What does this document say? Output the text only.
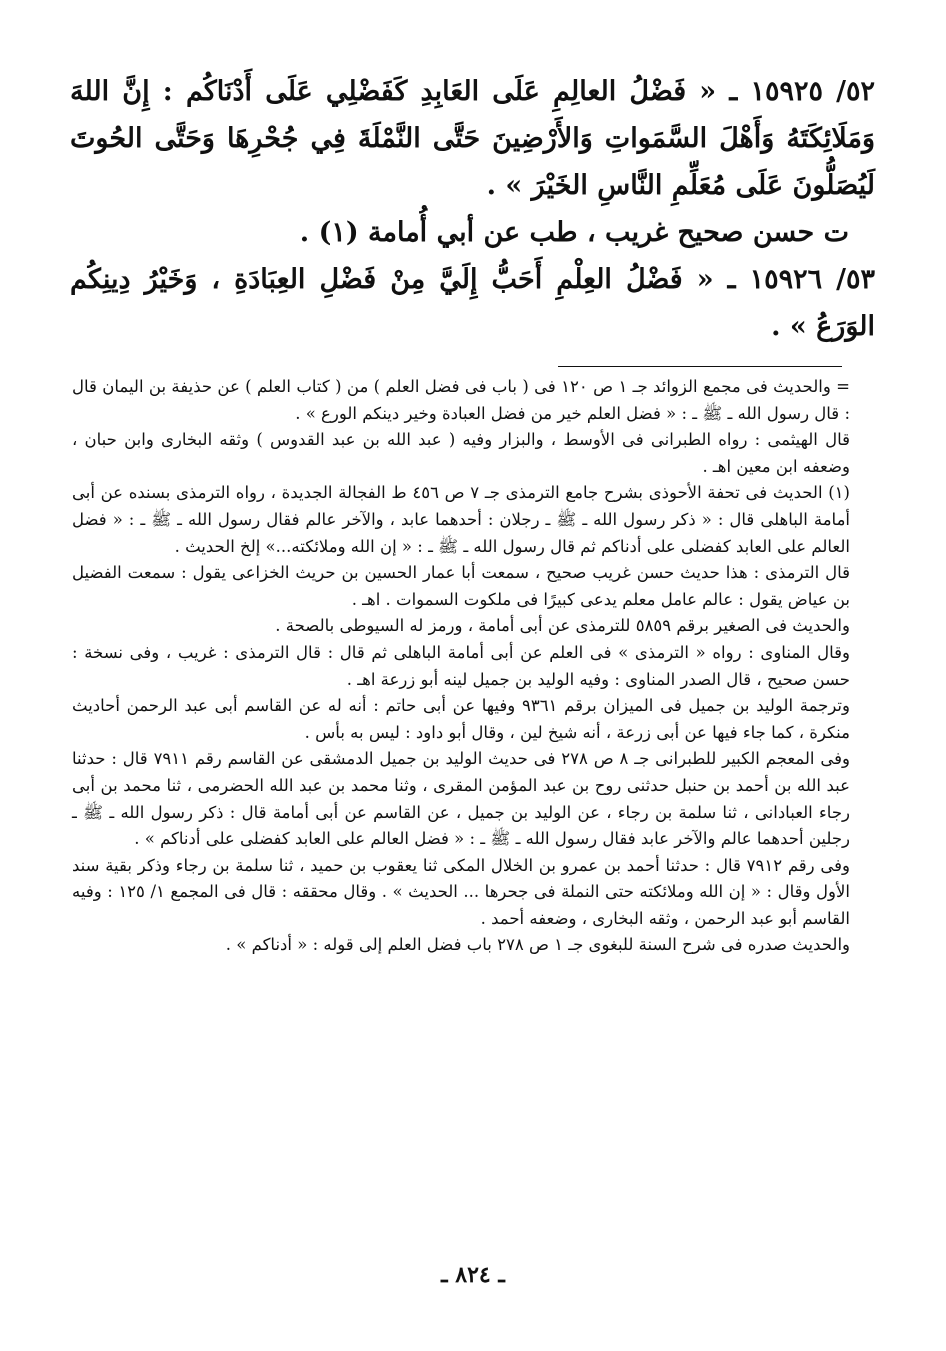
٥٢/ ١٥٩٢٥ ـ « فَضْلُ العالِمِ عَلَى العَابِدِ كَفَضْلِي عَلَى أَدْنَاكُم : إِنَّ اللهَ وَمَلَائِكَتَهُ وَأَهْلَ السَّمَواتِ وَالأَرْضِينَ حَتَّى النَّمْلَةَ فِي جُحْرِهَا وَحَتَّى الحُوتَ لَيُصَلُّونَ عَلَى مُعَلِّمِ النَّاسِ الخَيْرَ » .

ت حسن صحيح غريب ، طب عن أبي أُمامة (١) .

٥٣/ ١٥٩٢٦ ـ « فَضْلُ العِلْمِ أَحَبُّ إِلَيَّ مِنْ فَضْلِ العِبَادَةِ ، وَخَيْرُ دِينِكُم الوَرَعُ » .

= والحديث فى مجمع الزوائد جـ ١ ص ١٢٠ فى ( باب فى فضل العلم ) من ( كتاب العلم ) عن حذيفة بن اليمان قال : قال رسول الله ـ ﷺ ـ : « فضل العلم خير من فضل العبادة وخير دينكم الورع » .

قال الهيثمى : رواه الطبرانى فى الأوسط ، والبزار وفيه ( عبد الله بن عبد القدوس ) وثقه البخارى وابن حبان ، وضعفه ابن معين اهـ .

(١) الحديث فى تحفة الأحوذى بشرح جامع الترمذى جـ ٧ ص ٤٥٦ ط الفجالة الجديدة ، رواه الترمذى بسنده عن أبى أمامة الباهلى قال : « ذكر رسول الله ـ ﷺ ـ رجلان : أحدهما عابد ، والآخر عالم فقال رسول الله ـ ﷺ ـ : « فضل العالم على العابد كفضلى على أدناكم ثم قال رسول الله ـ ﷺ ـ : « إن الله وملائكته...» إلخ الحديث .

قال الترمذى : هذا حديث حسن غريب صحيح ، سمعت أبا عمار الحسين بن حريث الخزاعى يقول : سمعت الفضيل بن عياض يقول : عالم عامل معلم يدعى كبيرًا فى ملكوت السموات . اهـ .

والحديث فى الصغير برقم ٥٨٥٩ للترمذى عن أبى أمامة ، ورمز له السيوطى بالصحة .

وقال المناوى : رواه « الترمذى » فى العلم عن أبى أمامة الباهلى ثم قال : قال الترمذى : غريب ، وفى نسخة : حسن صحيح ، قال الصدر المناوى : وفيه الوليد بن جميل لينه أبو زرعة اهـ .

وترجمة الوليد بن جميل فى الميزان برقم ٩٣٦١ وفيها عن أبى حاتم : أنه له عن القاسم أبى عبد الرحمن أحاديث منكرة ، كما جاء فيها عن أبى زرعة ، أنه شيخ لين ، وقال أبو داود : ليس به بأس .

وفى المعجم الكبير للطبرانى جـ ٨ ص ٢٧٨ فى حديث الوليد بن جميل الدمشقى عن القاسم رقم ٧٩١١ قال : حدثنا عبد الله بن أحمد بن حنبل حدثنى روح بن عبد المؤمن المقرى ، وثنا محمد بن عبد الله الحضرمى ، ثنا محمد بن أبى رجاء العبادانى ، ثنا سلمة بن رجاء ، عن الوليد بن جميل ، عن القاسم عن أبى أمامة قال : ذكر رسول الله ـ ﷺ ـ رجلين أحدهما عالم والآخر عابد فقال رسول الله ـ ﷺ ـ : « فضل العالم على العابد كفضلى على أدناكم » .

وفى رقم ٧٩١٢ قال : حدثنا أحمد بن عمرو بن الخلال المكى ثنا يعقوب بن حميد ، ثنا سلمة بن رجاء وذكر بقية سند الأول وقال : « إن الله وملائكته حتى النملة فى جحرها ... الحديث » . وقال محققه : قال فى المجمع ١/ ١٢٥ : وفيه القاسم أبو عبد الرحمن ، وثقه البخارى ، وضعفه أحمد .

والحديث صدره فى شرح السنة للبغوى جـ ١ ص ٢٧٨ باب فضل العلم إلى قوله : « أدناكم » .

ـ ٨٢٤ ـ
